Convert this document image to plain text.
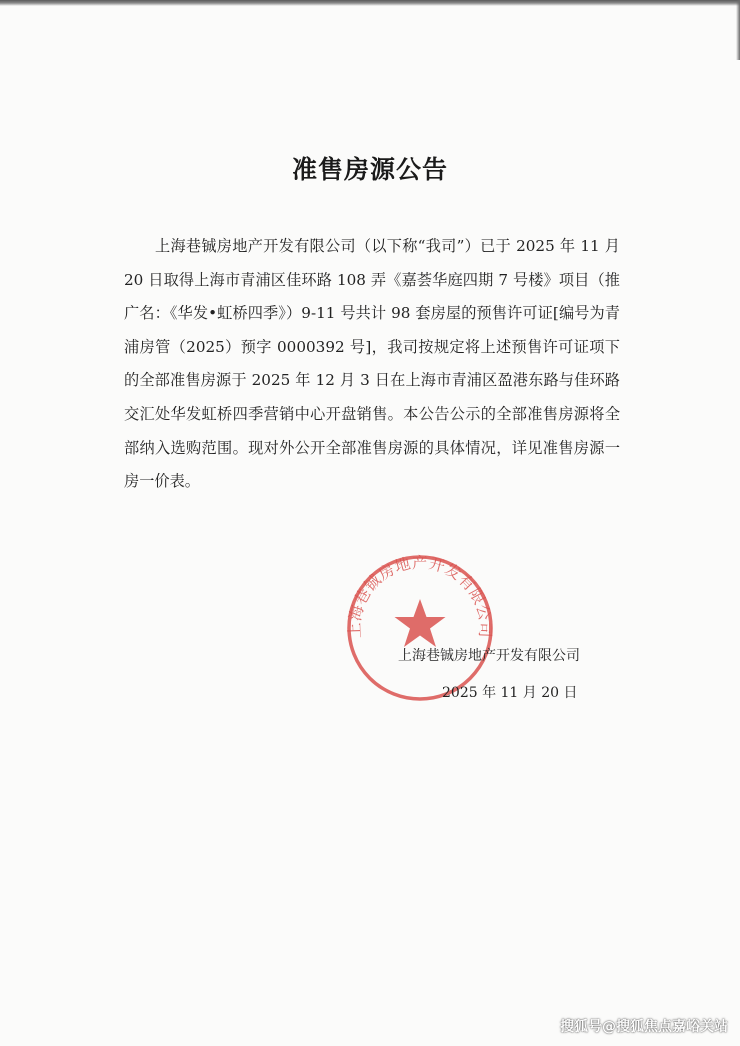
准售房源公告

上海巷铖房地产开发有限公司（以下称“我司”）已于 2025 年 11 月 20 日取得上海市青浦区佳环路 108 弄《嘉荟华庭四期 7 号楼》项目（推广名：《华发•虹桥四季》）9-11 号共计 98 套房屋的预售许可证[编号为青浦房管（2025）预字 0000392 号]，我司按规定将上述预售许可证项下的全部准售房源于 2025 年 12 月 3 日在上海市青浦区盈港东路与佳环路交汇处华发虹桥四季营销中心开盘销售。本公告公示的全部准售房源将全部纳入选购范围。现对外公开全部准售房源的具体情况，详见准售房源一房一价表。

上海巷铖房地产开发有限公司
上海巷铖房地产开发有限公司
2025 年 11 月 20 日
搜狐号@搜狐焦点嘉峪关站
